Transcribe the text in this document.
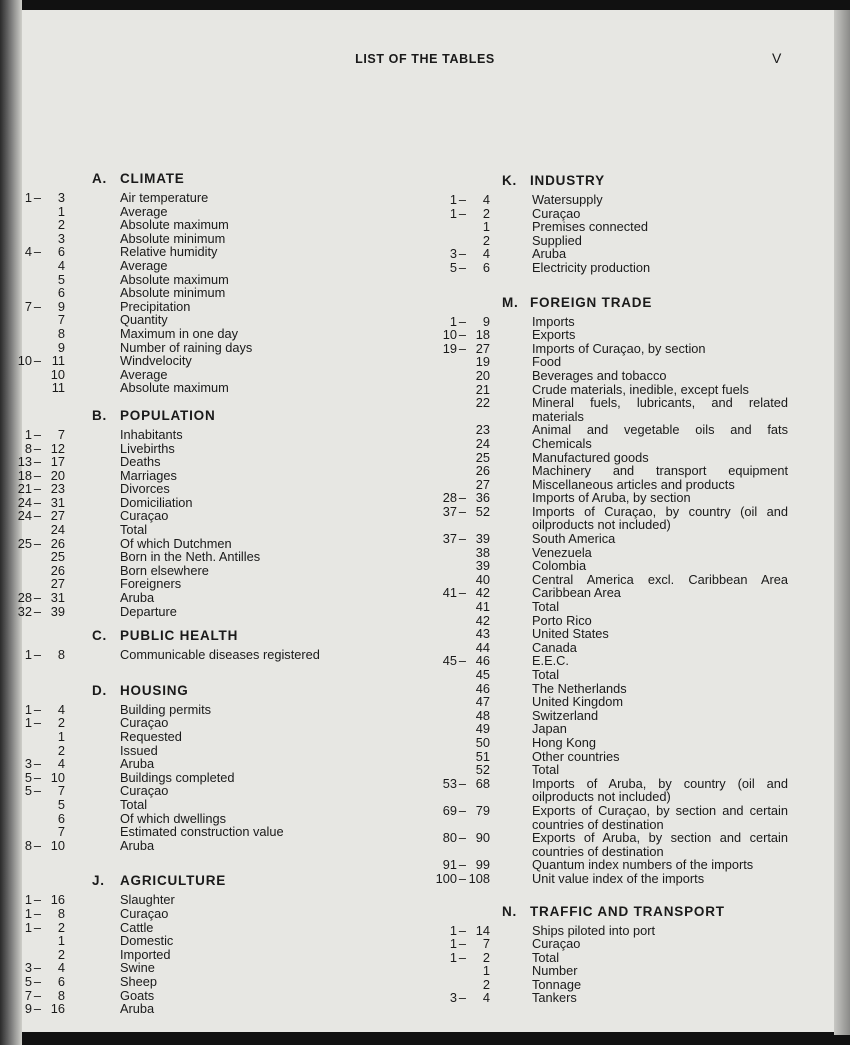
LIST OF THE TABLES	V
A. CLIMATE
1 – 3	Air temperature
1	Average
2	Absolute maximum
3	Absolute minimum
4 – 6	Relative humidity
4	Average
5	Absolute maximum
6	Absolute minimum
7 – 9	Precipitation
7	Quantity
8	Maximum in one day
9	Number of raining days
10 – 11	Windvelocity
10	Average
11	Absolute maximum
B. POPULATION
1 – 7	Inhabitants
8 – 12	Livebirths
13 – 17	Deaths
18 – 20	Marriages
21 – 23	Divorces
24 – 31	Domiciliation
24 – 27	Curaçao
24	Total
25 – 26	Of which Dutchmen
25	Born in the Neth. Antilles
26	Born elsewhere
27	Foreigners
28 – 31	Aruba
32 – 39	Departure
C. PUBLIC HEALTH
1 – 8	Communicable diseases registered
D. HOUSING
1 – 4	Building permits
1 – 2	Curaçao
1	Requested
2	Issued
3 – 4	Aruba
5 – 10	Buildings completed
5 – 7	Curaçao
5	Total
6	Of which dwellings
7	Estimated construction value
8 – 10	Aruba
J. AGRICULTURE
1 – 16	Slaughter
1 – 8	Curaçao
1 – 2	Cattle
1	Domestic
2	Imported
3 – 4	Swine
5 – 6	Sheep
7 – 8	Goats
9 – 16	Aruba
K. INDUSTRY
1 – 4	Watersupply
1 – 2	Curaçao
1	Premises connected
2	Supplied
3 – 4	Aruba
5 – 6	Electricity production
M. FOREIGN TRADE
1 – 9	Imports
10 – 18	Exports
19 – 27	Imports of Curaçao, by section
19	Food
20	Beverages and tobacco
21	Crude materials, inedible, except fuels
22	Mineral fuels, lubricants, and related materials
23	Animal and vegetable oils and fats
24	Chemicals
25	Manufactured goods
26	Machinery and transport equipment
27	Miscellaneous articles and products
28 – 36	Imports of Aruba, by section
37 – 52	Imports of Curaçao, by country (oil and oilproducts not included)
37 – 39	South America
38	Venezuela
39	Colombia
40	Central America excl. Caribbean Area
41 – 42	Caribbean Area
41	Total
42	Porto Rico
43	United States
44	Canada
45 – 46	E.E.C.
45	Total
46	The Netherlands
47	United Kingdom
48	Switzerland
49	Japan
50	Hong Kong
51	Other countries
52	Total
53 – 68	Imports of Aruba, by country (oil and oilproducts not included)
69 – 79	Exports of Curaçao, by section and certain countries of destination
80 – 90	Exports of Aruba, by section and certain countries of destination
91 – 99	Quantum index numbers of the imports
100 – 108	Unit value index of the imports
N. TRAFFIC AND TRANSPORT
1 – 14	Ships piloted into port
1 – 7	Curaçao
1 – 2	Total
1	Number
2	Tonnage
3 – 4	Tankers
